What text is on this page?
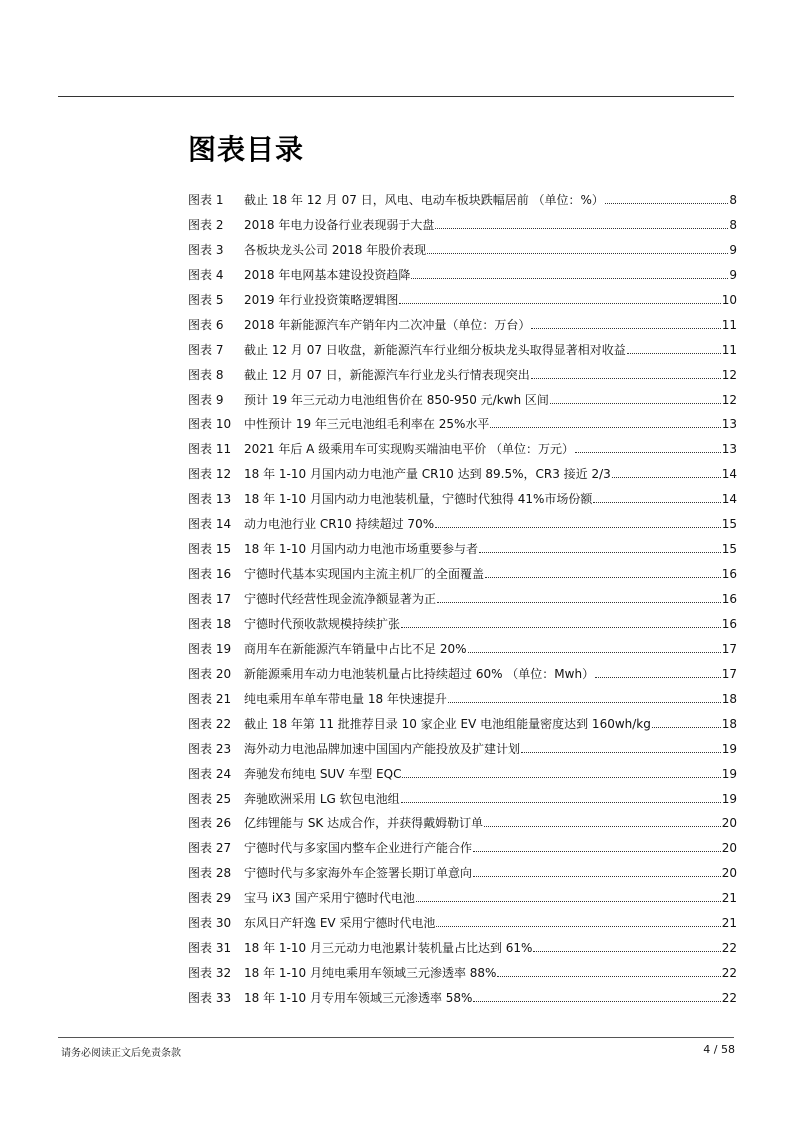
图表目录
图表 1	截止 18 年 12 月 07 日，风电、电动车板块跌幅居前 （单位：%）	8
图表 2	2018 年电力设备行业表现弱于大盘	8
图表 3	各板块龙头公司 2018 年股价表现	9
图表 4	2018 年电网基本建设投资趋降	9
图表 5	2019 年行业投资策略逻辑图	10
图表 6	2018 年新能源汽车产销年内二次冲量（单位：万台）	11
图表 7	截止 12 月 07 日收盘，新能源汽车行业细分板块龙头取得显著相对收益	11
图表 8	截止 12 月 07 日，新能源汽车行业龙头行情表现突出	12
图表 9	预计 19 年三元动力电池组售价在 850-950 元/kwh 区间	12
图表 10	中性预计 19 年三元电池组毛利率在 25%水平	13
图表 11	2021 年后 A 级乘用车可实现购买端油电平价 （单位：万元）	13
图表 12	18 年 1-10 月国内动力电池产量 CR10 达到 89.5%，CR3 接近 2/3	14
图表 13	18 年 1-10 月国内动力电池装机量，宁德时代独得 41%市场份额	14
图表 14	动力电池行业 CR10 持续超过 70%	15
图表 15	18 年 1-10 月国内动力电池市场重要参与者	15
图表 16	宁德时代基本实现国内主流主机厂的全面覆盖	16
图表 17	宁德时代经营性现金流净额显著为正	16
图表 18	宁德时代预收款规模持续扩张	16
图表 19	商用车在新能源汽车销量中占比不足 20%	17
图表 20	新能源乘用车动力电池装机量占比持续超过 60% （单位：Mwh）	17
图表 21	纯电乘用车单车带电量 18 年快速提升	18
图表 22	截止 18 年第 11 批推荐目录 10 家企业 EV 电池组能量密度达到 160wh/kg	18
图表 23	海外动力电池品牌加速中国国内产能投放及扩建计划	19
图表 24	奔驰发布纯电 SUV 车型 EQC	19
图表 25	奔驰欧洲采用 LG 软包电池组	19
图表 26	亿纬锂能与 SK 达成合作，并获得戴姆勒订单	20
图表 27	宁德时代与多家国内整车企业进行产能合作	20
图表 28	宁德时代与多家海外车企签署长期订单意向	20
图表 29	宝马 iX3 国产采用宁德时代电池	21
图表 30	东风日产轩逸 EV 采用宁德时代电池	21
图表 31	18 年 1-10 月三元动力电池累计装机量占比达到 61%	22
图表 32	18 年 1-10 月纯电乘用车领域三元渗透率 88%	22
图表 33	18 年 1-10 月专用车领域三元渗透率 58%	22
请务必阅读正文后免责条款	4 / 58
